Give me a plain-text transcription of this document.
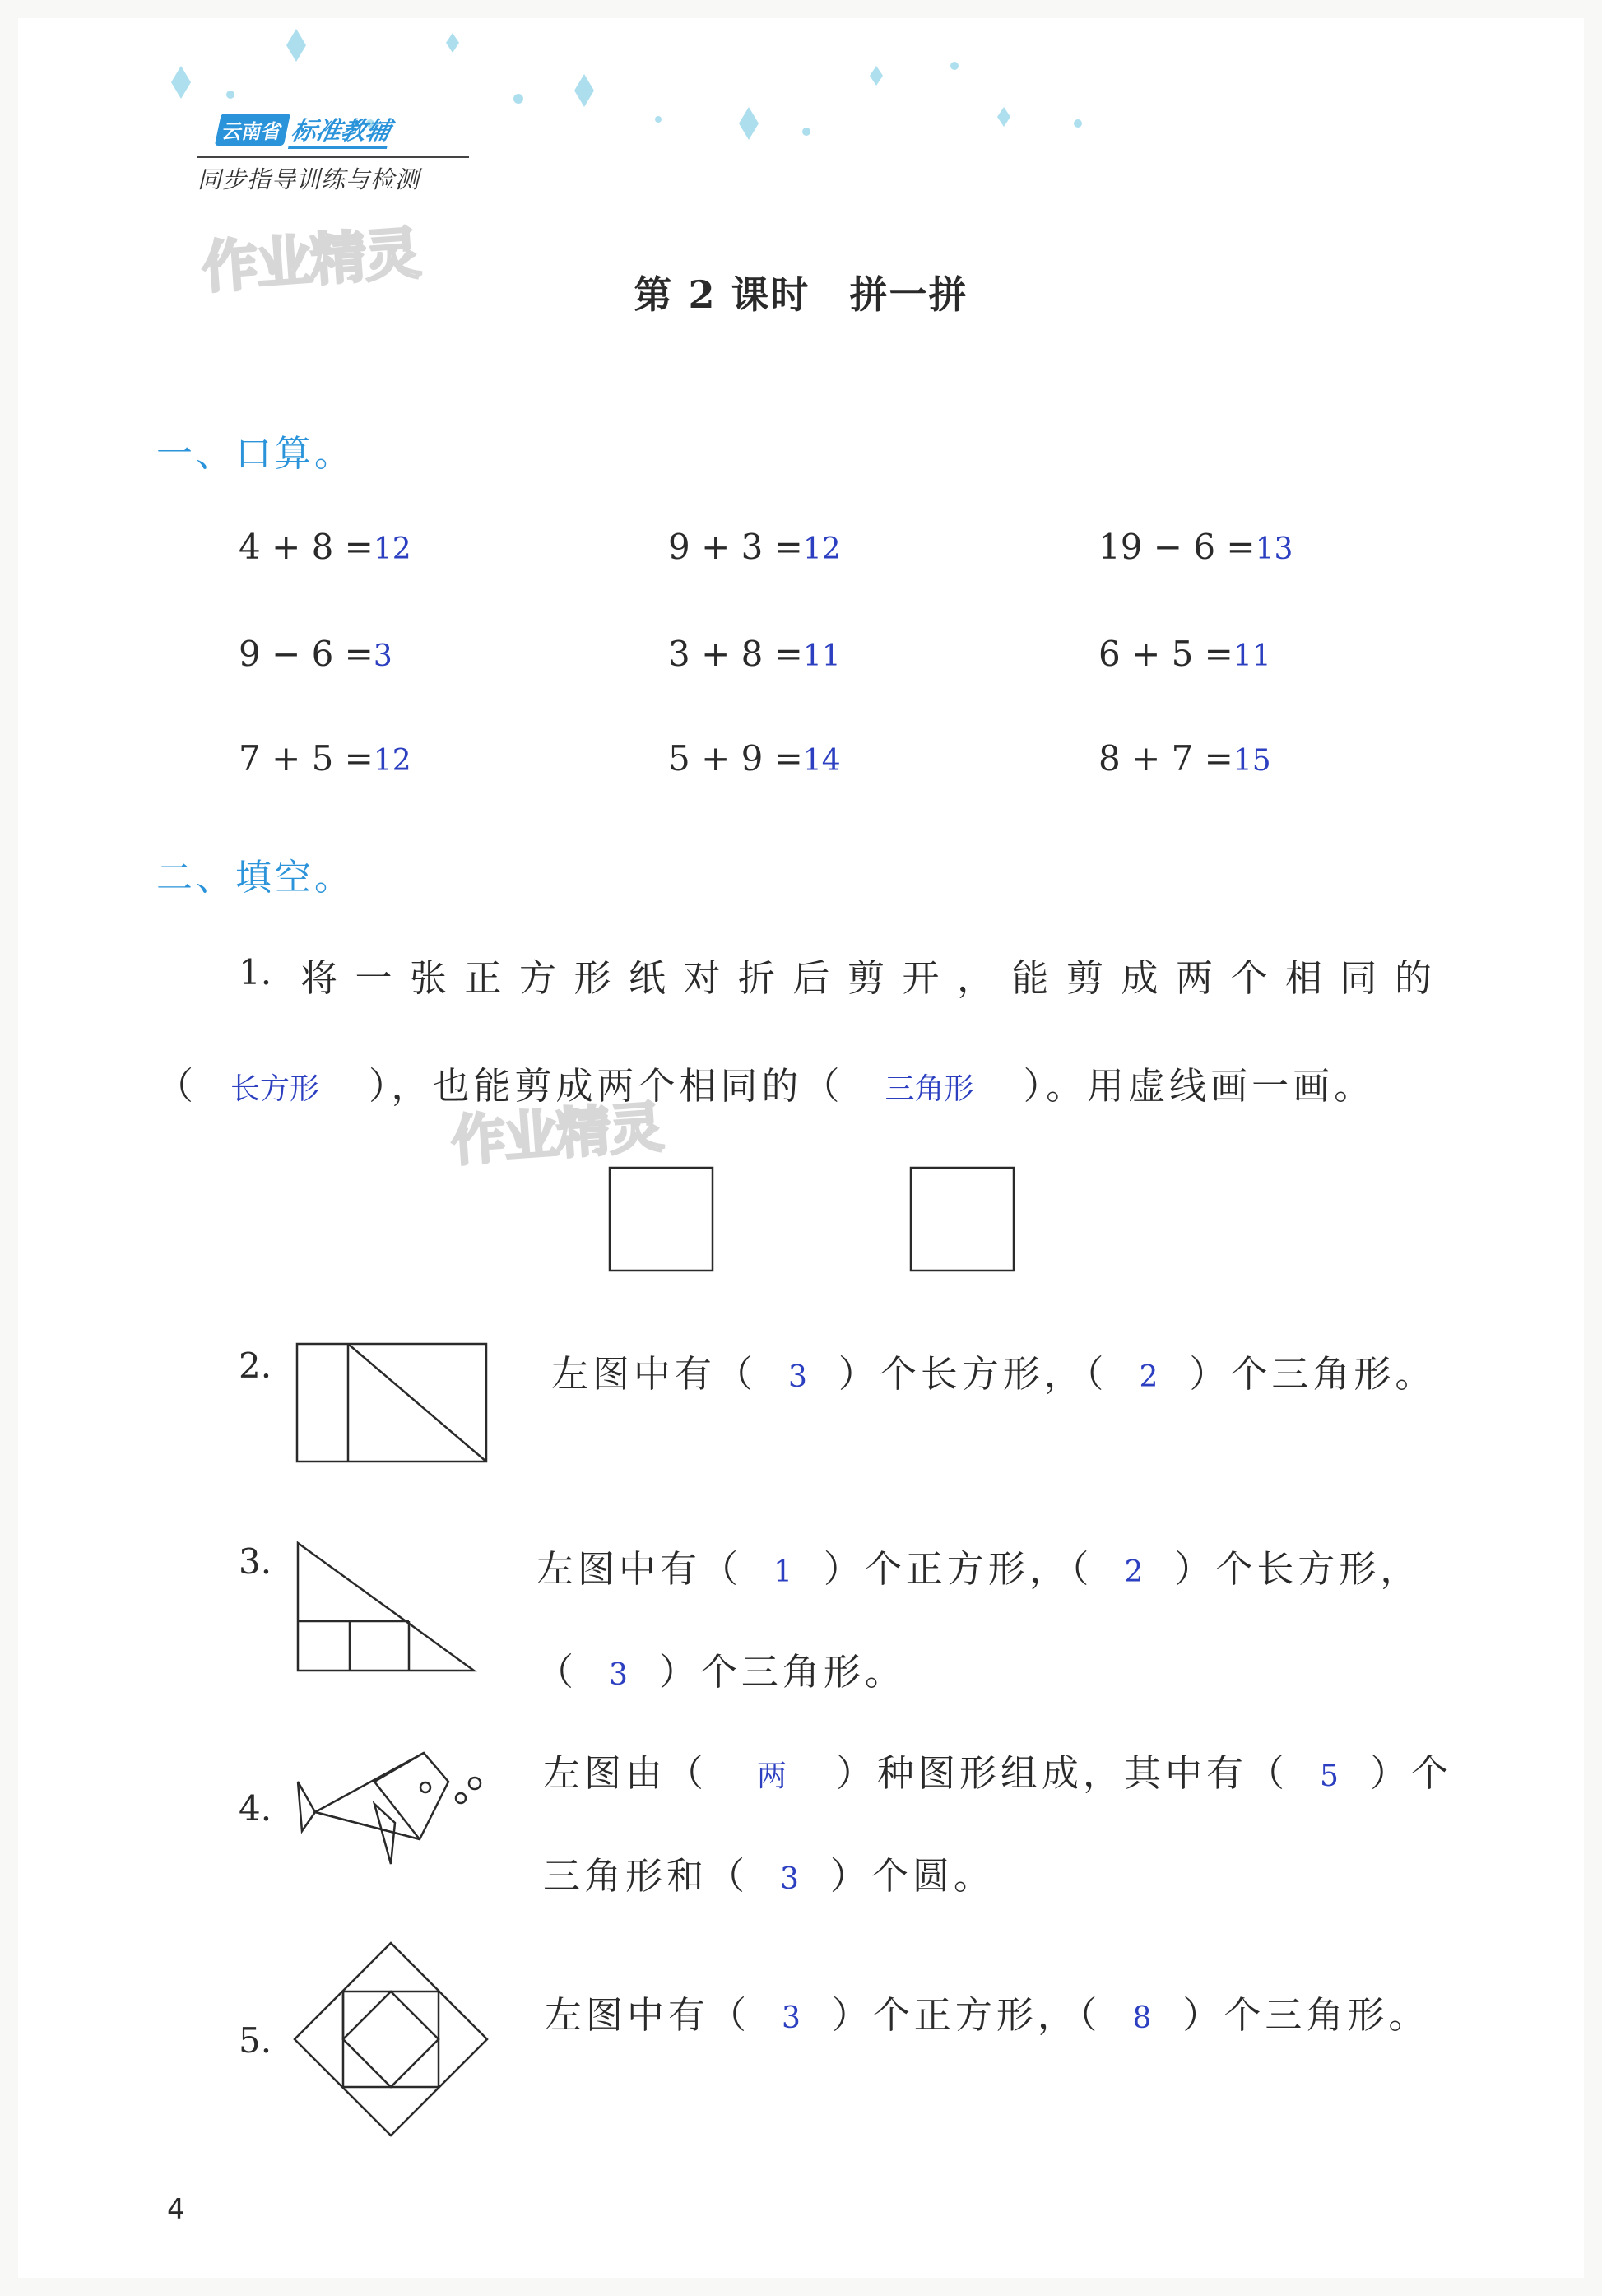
云南省 标准教辅
同步指导训练与检测
作业精灵	第 2 课时　拼一拼
一、口算。
4 + 8 =12	9 + 3 =12	19 − 6 =13
9 − 6 =3	3 + 8 =11	6 + 5 =11
7 + 5 =12	5 + 9 =14	8 + 7 =15
二、填空。
1. 将一张正方形纸对折后剪开，能剪成两个相同的
（ 长方形 ），也能剪成两个相同的（ 三角形 ）。用虚线画一画。
作业精灵
2.	左图中有（ 3 ）个长方形，（ 2 ）个三角形。
3.	左图中有（ 1 ）个正方形，（ 2 ）个长方形，
（ 3 ）个三角形。
4.
左图由（ 两 ）种图形组成，其中有（ 5 ）个
三角形和（ 3 ）个圆。
5.
左图中有（ 3 ）个正方形，（ 8 ）个三角形。
4
